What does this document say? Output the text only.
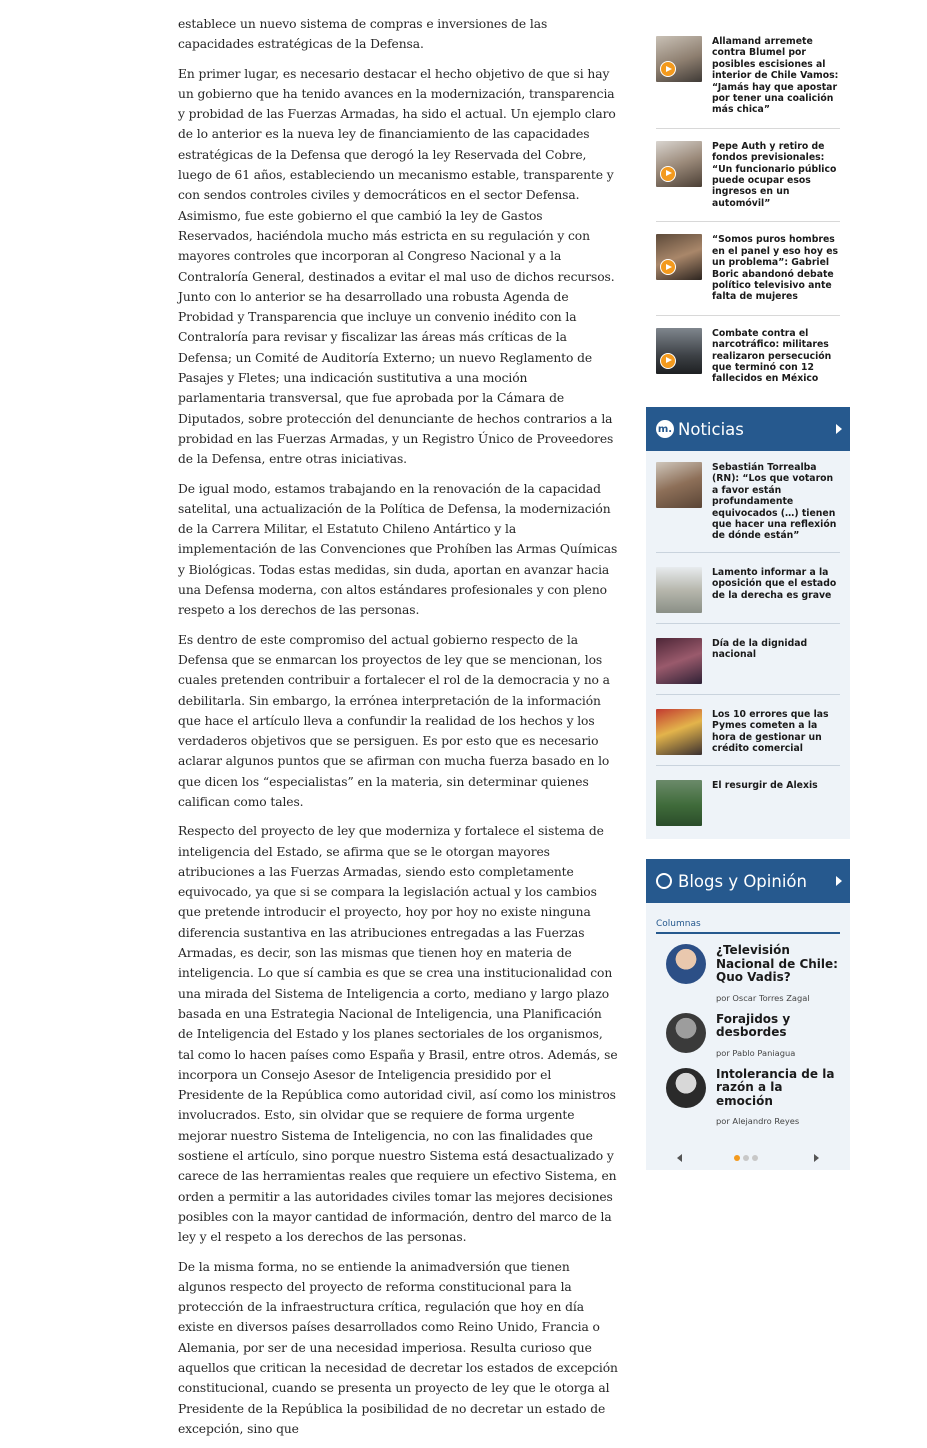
establece un nuevo sistema de compras e inversiones de las capacidades estratégicas de la Defensa.

En primer lugar, es necesario destacar el hecho objetivo de que si hay un gobierno que ha tenido avances en la modernización, transparencia y probidad de las Fuerzas Armadas, ha sido el actual. Un ejemplo claro de lo anterior es la nueva ley de financiamiento de las capacidades estratégicas de la Defensa que derogó la ley Reservada del Cobre, luego de 61 años, estableciendo un mecanismo estable, transparente y con sendos controles civiles y democráticos en el sector Defensa. Asimismo, fue este gobierno el que cambió la ley de Gastos Reservados, haciéndola mucho más estricta en su regulación y con mayores controles que incorporan al Congreso Nacional y a la Contraloría General, destinados a evitar el mal uso de dichos recursos. Junto con lo anterior se ha desarrollado una robusta Agenda de Probidad y Transparencia que incluye un convenio inédito con la Contraloría para revisar y fiscalizar las áreas más críticas de la Defensa; un Comité de Auditoría Externo; un nuevo Reglamento de Pasajes y Fletes; una indicación sustitutiva a una moción parlamentaria transversal, que fue aprobada por la Cámara de Diputados, sobre protección del denunciante de hechos contrarios a la probidad en las Fuerzas Armadas, y un Registro Único de Proveedores de la Defensa, entre otras iniciativas.

De igual modo, estamos trabajando en la renovación de la capacidad satelital, una actualización de la Política de Defensa, la modernización de la Carrera Militar, el Estatuto Chileno Antártico y la implementación de las Convenciones que Prohíben las Armas Químicas y Biológicas. Todas estas medidas, sin duda, aportan en avanzar hacia una Defensa moderna, con altos estándares profesionales y con pleno respeto a los derechos de las personas.

Es dentro de este compromiso del actual gobierno respecto de la Defensa que se enmarcan los proyectos de ley que se mencionan, los cuales pretenden contribuir a fortalecer el rol de la democracia y no a debilitarla. Sin embargo, la errónea interpretación de la información que hace el artículo lleva a confundir la realidad de los hechos y los verdaderos objetivos que se persiguen. Es por esto que es necesario aclarar algunos puntos que se afirman con mucha fuerza basado en lo que dicen los “especialistas” en la materia, sin determinar quienes califican como tales.

Respecto del proyecto de ley que moderniza y fortalece el sistema de inteligencia del Estado, se afirma que se le otorgan mayores atribuciones a las Fuerzas Armadas, siendo esto completamente equivocado, ya que si se compara la legislación actual y los cambios que pretende introducir el proyecto, hoy por hoy no existe ninguna diferencia sustantiva en las atribuciones entregadas a las Fuerzas Armadas, es decir, son las mismas que tienen hoy en materia de inteligencia. Lo que sí cambia es que se crea una institucionalidad con una mirada del Sistema de Inteligencia a corto, mediano y largo plazo basada en una Estrategia Nacional de Inteligencia, una Planificación de Inteligencia del Estado y los planes sectoriales de los organismos, tal como lo hacen países como España y Brasil, entre otros. Además, se incorpora un Consejo Asesor de Inteligencia presidido por el Presidente de la República como autoridad civil, así como los ministros involucrados. Esto, sin olvidar que se requiere de forma urgente mejorar nuestro Sistema de Inteligencia, no con las finalidades que sostiene el artículo, sino porque nuestro Sistema está desactualizado y carece de las herramientas reales que requiere un efectivo Sistema, en orden a permitir a las autoridades civiles tomar las mejores decisiones posibles con la mayor cantidad de información, dentro del marco de la ley y el respeto a los derechos de las personas.

De la misma forma, no se entiende la animadversión que tienen algunos respecto del proyecto de reforma constitucional para la protección de la infraestructura crítica, regulación que hoy en día existe en diversos países desarrollados como Reino Unido, Francia o Alemania, por ser de una necesidad imperiosa. Resulta curioso que aquellos que critican la necesidad de decretar los estados de excepción constitucional, cuando se presenta un proyecto de ley que le otorga al Presidente de la República la posibilidad de no decretar un estado de excepción, sino que

Allamand arremete contra Blumel por posibles escisiones al interior de Chile Vamos: “Jamás hay que apostar por tener una coalición más chica”
Pepe Auth y retiro de fondos previsionales: “Un funcionario público puede ocupar esos ingresos en un automóvil”
“Somos puros hombres en el panel y eso hoy es un problema”: Gabriel Boric abandonó debate político televisivo ante falta de mujeres
Combate contra el narcotráfico: militares realizaron persecución que terminó con 12 fallecidos en México
m. Noticias
Sebastián Torrealba (RN): “Los que votaron a favor están profundamente equivocados (…) tienen que hacer una reflexión de dónde están”
Lamento informar a la oposición que el estado de la derecha es grave
Día de la dignidad nacional
Los 10 errores que las Pymes cometen a la hora de gestionar un crédito comercial
El resurgir de Alexis
Blogs y Opinión
Columnas
¿Televisión Nacional de Chile: Quo Vadis?
por Oscar Torres Zagal
Forajidos y desbordes
por Pablo Paniagua
Intolerancia de la razón a la emoción
por Alejandro Reyes
